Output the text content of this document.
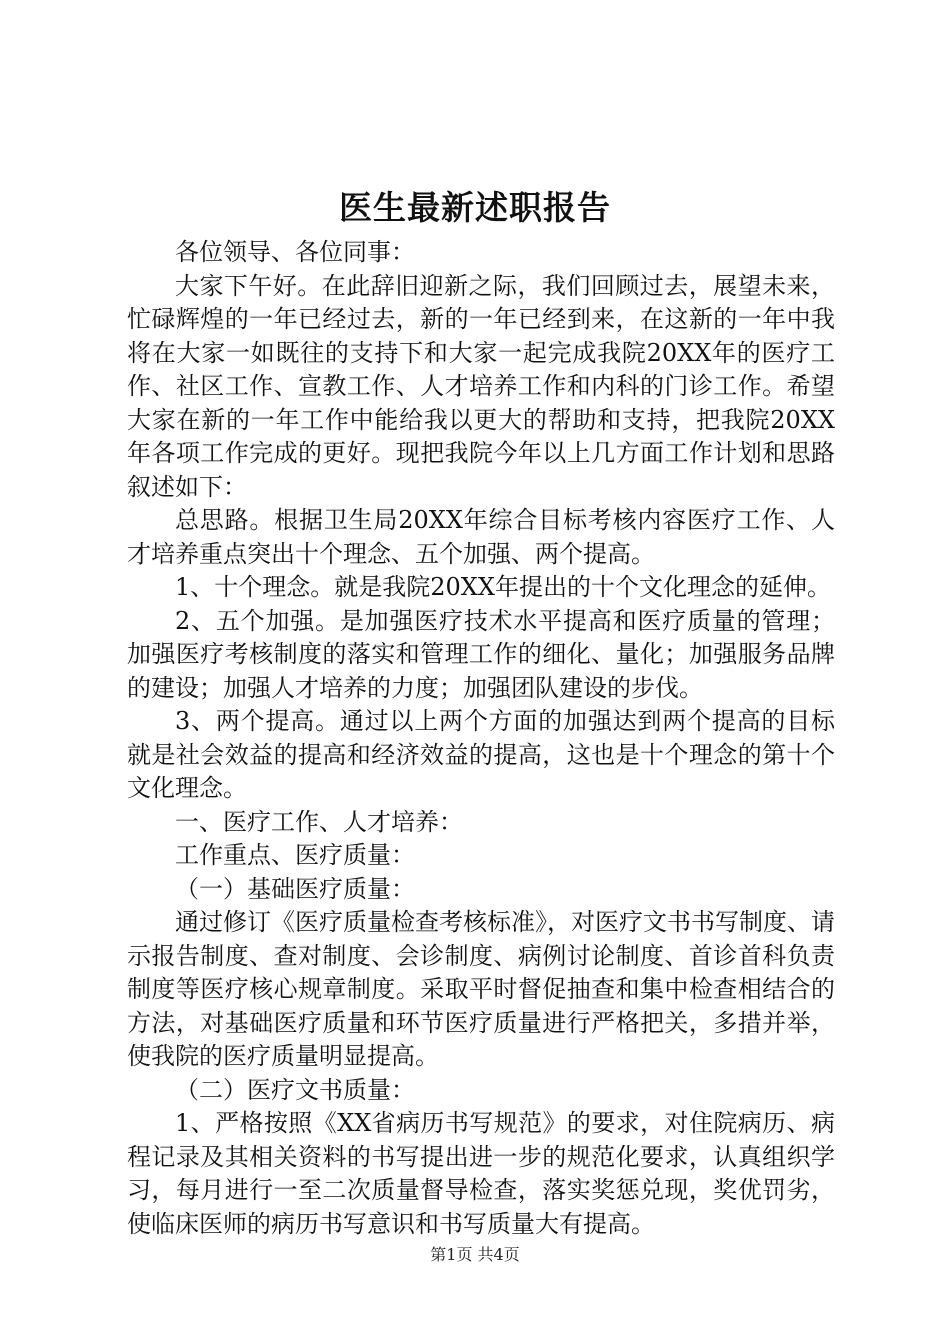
医生最新述职报告

各位领导、各位同事：

大家下午好。在此辞旧迎新之际，我们回顾过去，展望未来，忙碌辉煌的一年已经过去，新的一年已经到来，在这新的一年中我将在大家一如既往的支持下和大家一起完成我院20XX年的医疗工作、社区工作、宣教工作、人才培养工作和内科的门诊工作。希望大家在新的一年工作中能给我以更大的帮助和支持，把我院20XX年各项工作完成的更好。现把我院今年以上几方面工作计划和思路叙述如下：

总思路。根据卫生局20XX年综合目标考核内容医疗工作、人才培养重点突出十个理念、五个加强、两个提高。

1、十个理念。就是我院20XX年提出的十个文化理念的延伸。

2、五个加强。是加强医疗技术水平提高和医疗质量的管理；加强医疗考核制度的落实和管理工作的细化、量化；加强服务品牌的建设；加强人才培养的力度；加强团队建设的步伐。

3、两个提高。通过以上两个方面的加强达到两个提高的目标就是社会效益的提高和经济效益的提高，这也是十个理念的第十个文化理念。

一、医疗工作、人才培养：

工作重点、医疗质量：

（一）基础医疗质量：

通过修订《医疗质量检查考核标准》，对医疗文书书写制度、请示报告制度、查对制度、会诊制度、病例讨论制度、首诊首科负责制度等医疗核心规章制度。采取平时督促抽查和集中检查相结合的方法，对基础医疗质量和环节医疗质量进行严格把关，多措并举，使我院的医疗质量明显提高。

（二）医疗文书质量：

1、严格按照《XX省病历书写规范》的要求，对住院病历、病程记录及其相关资料的书写提出进一步的规范化要求，认真组织学习，每月进行一至二次质量督导检查，落实奖惩兑现，奖优罚劣，使临床医师的病历书写意识和书写质量大有提高。

第1页 共4页
